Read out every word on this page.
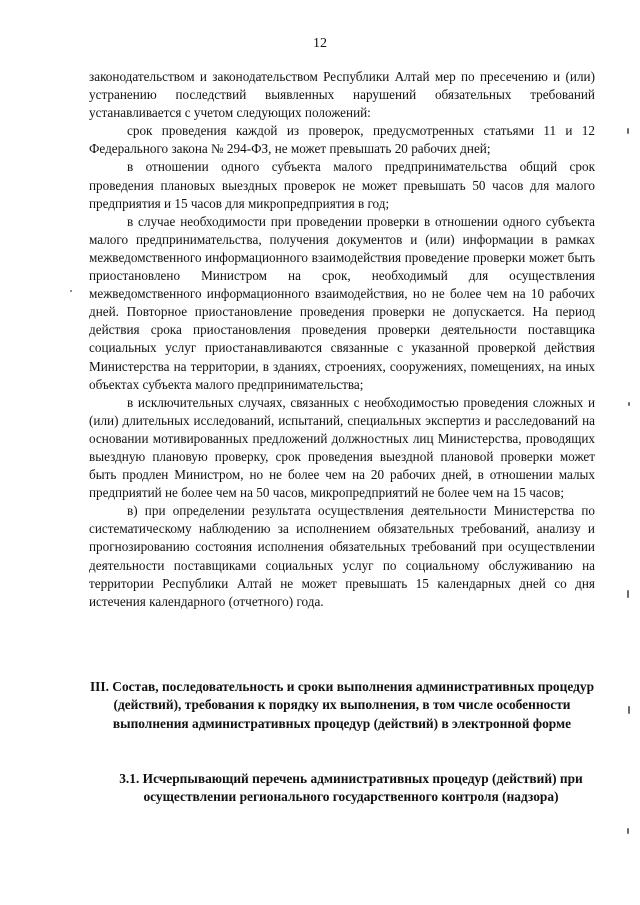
12

законодательством и законодательством Республики Алтай мер по пресечению и (или) устранению последствий выявленных нарушений обязательных требований устанавливается с учетом следующих положений:

срок проведения каждой из проверок, предусмотренных статьями 11 и 12 Федерального закона № 294-ФЗ, не может превышать 20 рабочих дней;

в отношении одного субъекта малого предпринимательства общий срок проведения плановых выездных проверок не может превышать 50 часов для малого предприятия и 15 часов для микропредприятия в год;

в случае необходимости при проведении проверки в отношении одного субъекта малого предпринимательства, получения документов и (или) информации в рамках межведомственного информационного взаимодействия проведение проверки может быть приостановлено Министром на срок, необходимый для осуществления межведомственного информационного взаимодействия, но не более чем на 10 рабочих дней. Повторное приостановление проведения проверки не допускается. На период действия срока приостановления проведения проверки деятельности поставщика социальных услуг приостанавливаются связанные с указанной проверкой действия Министерства на территории, в зданиях, строениях, сооружениях, помещениях, на иных объектах субъекта малого предпринимательства;

в исключительных случаях, связанных с необходимостью проведения сложных и (или) длительных исследований, испытаний, специальных экспертиз и расследований на основании мотивированных предложений должностных лиц Министерства, проводящих выездную плановую проверку, срок проведения выездной плановой проверки может быть продлен Министром, но не более чем на 20 рабочих дней, в отношении малых предприятий не более чем на 50 часов, микропредприятий не более чем на 15 часов;

в) при определении результата осуществления деятельности Министерства по систематическому наблюдению за исполнением обязательных требований, анализу и прогнозированию состояния исполнения обязательных требований при осуществлении деятельности поставщиками социальных услуг по социальному обслуживанию на территории Республики Алтай не может превышать 15 календарных дней со дня истечения календарного (отчетного) года.

III. Состав, последовательность и сроки выполнения административных процедур (действий), требования к порядку их выполнения, в том числе особенности выполнения административных процедур (действий) в электронной форме
3.1. Исчерпывающий перечень административных процедур (действий) при осуществлении регионального государственного контроля (надзора)
